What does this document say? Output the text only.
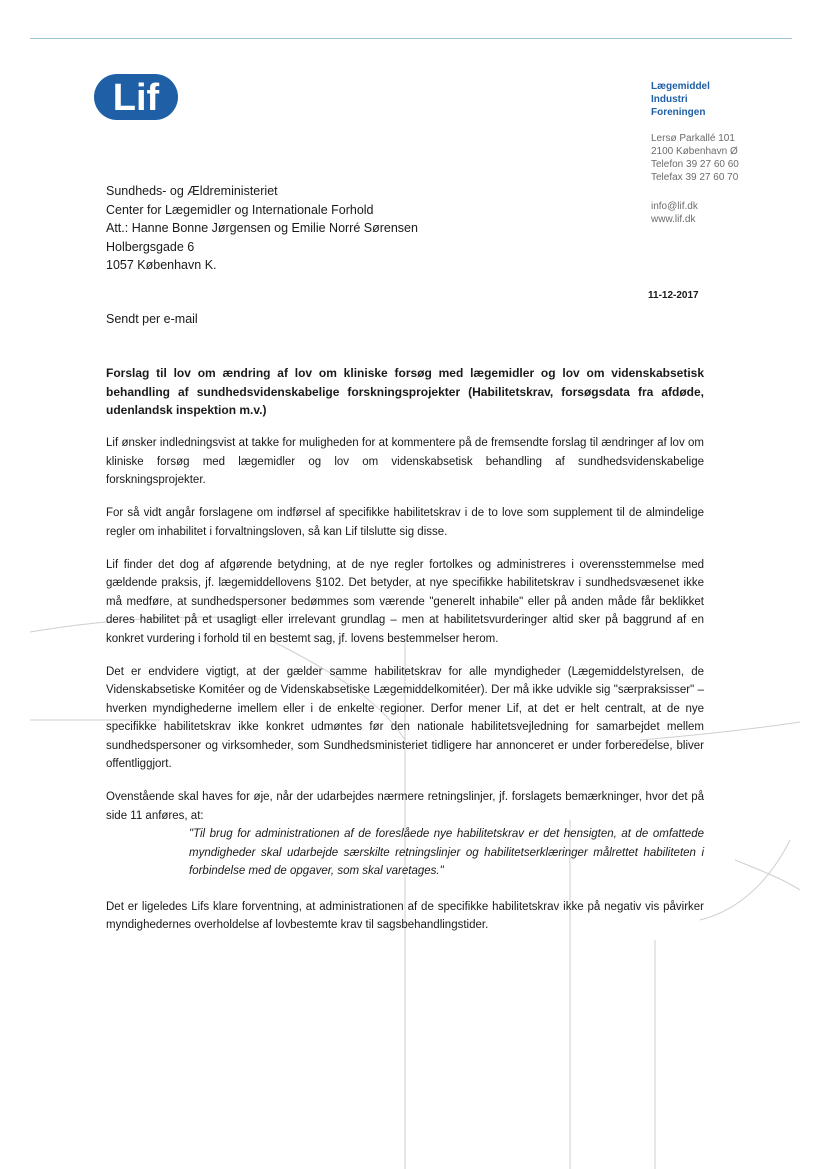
Lif	Lægemiddel
Industri
Foreningen
Lersø Parkallé 101
2100 København Ø
Telefon 39 27 60 60
Telefax 39 27 60 70
info@lif.dk
www.lif.dk
Sundheds- og Ældreministeriet
Center for Lægemidler og Internationale Forhold
Att.: Hanne Bonne Jørgensen og Emilie Norré Sørensen
Holbergsgade 6
1057 København K.
11-12-2017
Sendt per e-mail

Forslag til lov om ændring af lov om kliniske forsøg med lægemidler og lov om videnskabsetisk behandling af sundhedsvidenskabelige forskningsprojekter (Habilitetskrav, forsøgsdata fra afdøde, udenlandsk inspektion m.v.)

Lif ønsker indledningsvist at takke for muligheden for at kommentere på de fremsendte forslag til ændringer af lov om kliniske forsøg med lægemidler og lov om videnskabsetisk behandling af sundhedsvidenskabelige forskningsprojekter.

For så vidt angår forslagene om indførsel af specifikke habilitetskrav i de to love som supplement til de almindelige regler om inhabilitet i forvaltningsloven, så kan Lif tilslutte sig disse.

Lif finder det dog af afgørende betydning, at de nye regler fortolkes og administreres i overensstemmelse med gældende praksis, jf. lægemiddellovens §102. Det betyder, at nye specifikke habilitetskrav i sundhedsvæsenet ikke må medføre, at sundhedspersoner bedømmes som værende "generelt inhabile" eller på anden måde får beklikket deres habilitet på et usagligt eller irrelevant grundlag – men at habilitetsvurderinger altid sker på baggrund af en konkret vurdering i forhold til en bestemt sag, jf. lovens bestemmelser herom.

Det er endvidere vigtigt, at der gælder samme habilitetskrav for alle myndigheder (Lægemiddelstyrelsen, de Videnskabsetiske Komitéer og de Videnskabsetiske Lægemiddelkomitéer). Der må ikke udvikle sig "særpraksisser" – hverken myndighederne imellem eller i de enkelte regioner. Derfor mener Lif, at det er helt centralt, at de nye specifikke habilitetskrav ikke konkret udmøntes før den nationale habilitetsvejledning for samarbejdet mellem sundhedspersoner og virksomheder, som Sundhedsministeriet tidligere har annonceret er under forberedelse, bliver offentliggjort.

Ovenstående skal haves for øje, når der udarbejdes nærmere retningslinjer, jf. forslagets bemærkninger, hvor det på side 11 anføres, at:

"Til brug for administrationen af de foreslåede nye habilitetskrav er det hensigten, at de omfattede myndigheder skal udarbejde særskilte retningslinjer og habilitetserklæringer målrettet habiliteten i forbindelse med de opgaver, som skal varetages."

Det er ligeledes Lifs klare forventning, at administrationen af de specifikke habilitetskrav ikke på negativ vis påvirker myndighedernes overholdelse af lovbestemte krav til sagsbehandlingstider.
